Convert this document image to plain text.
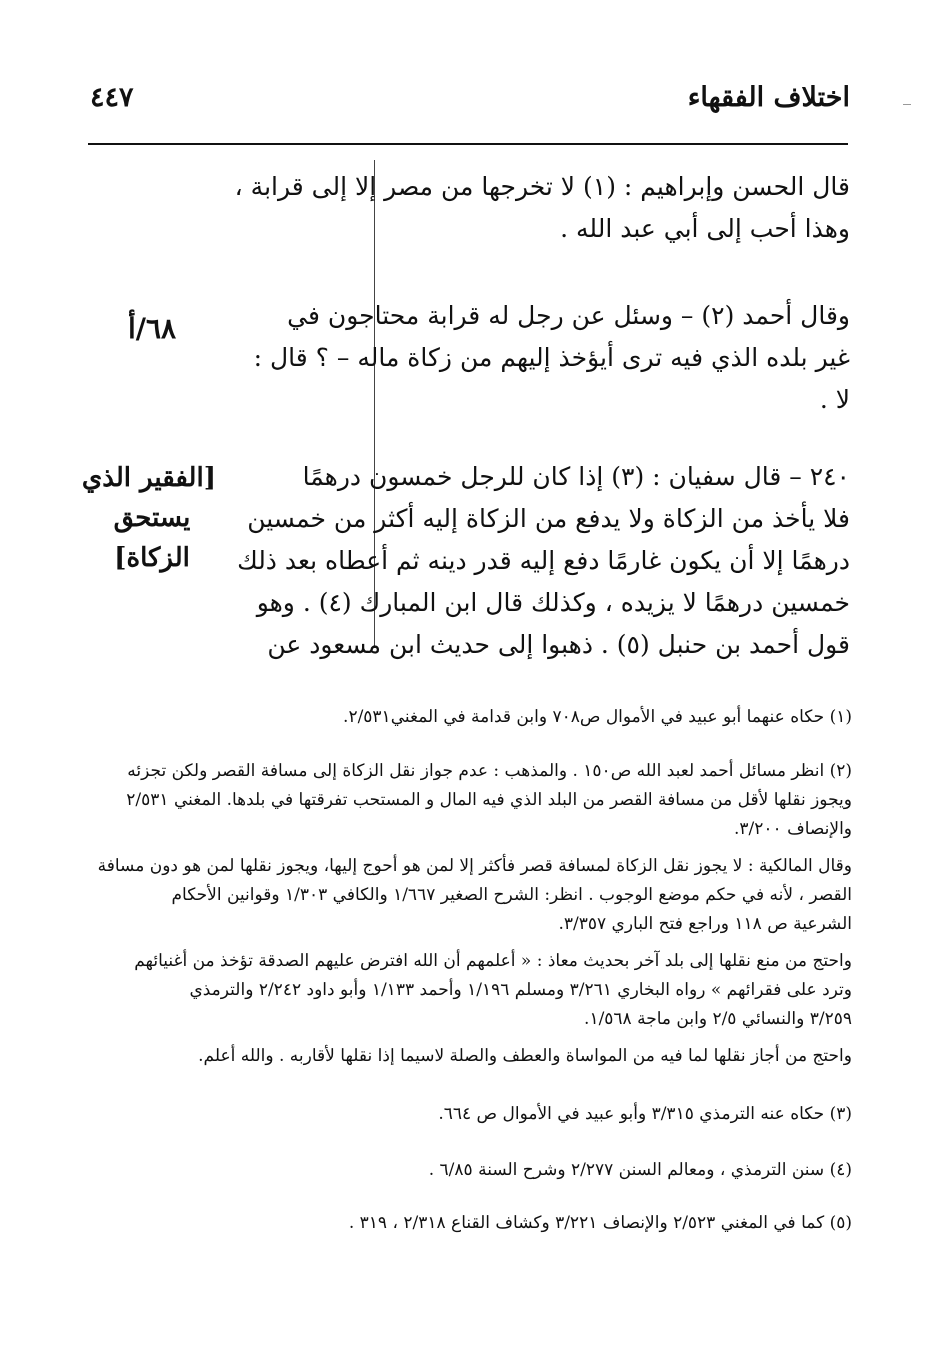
اختلاف الفقهاء
٤٤٧
٦٨/أ
[الفقير الذي
يستحق
الزكاة]
قال الحسن وإبراهيم : (١) لا تخرجها من مصر إلا إلى قرابة ،
وهذا أحب إلى أبي عبد الله .
وقال أحمد (٢) – وسئل عن رجل له قرابة محتاجون في
غير بلده الذي فيه ترى أيؤخذ إليهم من زكاة ماله – ؟ قال :
لا .
٢٤٠ – قال سفيان : (٣) إذا كان للرجل خمسون درهمًا
فلا يأخذ من الزكاة ولا يدفع من الزكاة إليه أكثر من خمسين
درهمًا إلا أن يكون غارمًا دفع إليه قدر دينه ثم أعطاه بعد ذلك
خمسين درهمًا لا يزيده ، وكذلك قال ابن المبارك (٤) . وهو
قول أحمد بن حنبل (٥) . ذهبوا إلى حديث ابن مسعود عن
(١) حكاه عنهما أبو عبيد في الأموال ص٧٠٨ وابن قدامة في المغني٢/٥٣١.
(٢) انظر مسائل أحمد لعبد الله ص١٥٠ . والمذهب : عدم جواز نقل الزكاة إلى مسافة القصر ولكن تجزئه
ويجوز نقلها لأقل من مسافة القصر من البلد الذي فيه المال و المستحب تفرقتها في بلدها. المغني ٢/٥٣١
والإنصاف ٣/٢٠٠.
وقال المالكية : لا يجوز نقل الزكاة لمسافة قصر فأكثر إلا لمن هو أحوج إليها، ويجوز نقلها لمن هو دون مسافة
القصر ، لأنه في حكم موضع الوجوب . انظر: الشرح الصغير ١/٦٦٧ والكافي ١/٣٠٣ وقوانين الأحكام
الشرعية ص ١١٨ وراجع فتح الباري ٣/٣٥٧.
واحتج من منع نقلها إلى بلد آخر بحديث معاذ : « أعلمهم أن الله افترض عليهم الصدقة تؤخذ من أغنيائهم
وترد على فقرائهم » رواه البخاري ٣/٢٦١ ومسلم ١/١٩٦ وأحمد ١/١٣٣ وأبو داود ٢/٢٤٢ والترمذي
٣/٢٥٩ والنسائي ٢/٥ وابن ماجة ١/٥٦٨.
واحتج من أجاز نقلها لما فيه من المواساة والعطف والصلة لاسيما إذا نقلها لأقاربه . والله أعلم.
(٣) حكاه عنه الترمذي ٣/٣١٥ وأبو عبيد في الأموال ص ٦٦٤.
(٤) سنن الترمذي ، ومعالم السنن ٢/٢٧٧ وشرح السنة ٦/٨٥ .
(٥) كما في المغني ٢/٥٢٣ والإنصاف ٣/٢٢١ وكشاف القناع ٢/٣١٨ ، ٣١٩ .
